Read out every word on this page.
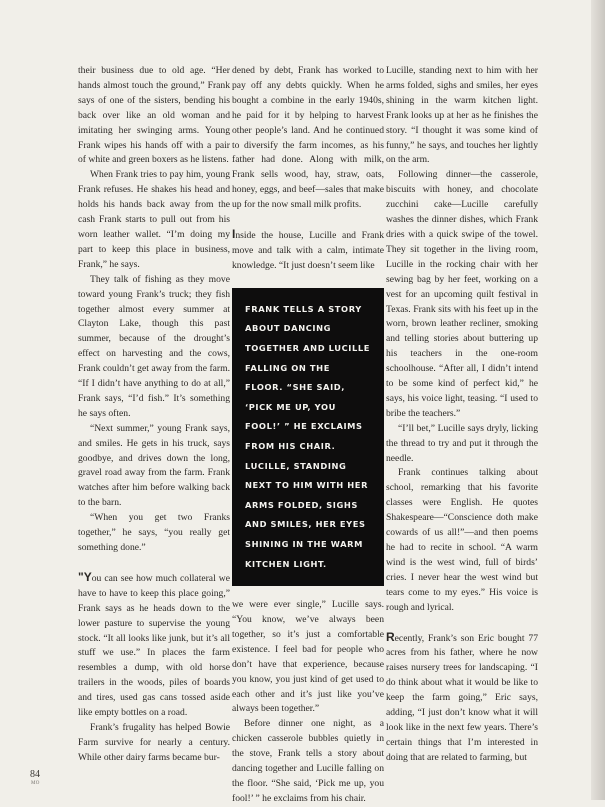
their business due to old age. “Her hands almost touch the ground,” Frank says of one of the sisters, bending his back over like an old woman and imitating her swinging arms. Young Frank wipes his hands off with a pair of white and green boxers as he listens.

When Frank tries to pay him, young Frank refuses. He shakes his head and holds his hands back away from the cash Frank starts to pull out from his worn leather wallet. “I’m doing my part to keep this place in business, Frank,” he says.

They talk of fishing as they move toward young Frank’s truck; they fish together almost every summer at Clayton Lake, though this past summer, because of the drought’s effect on harvesting and the cows, Frank couldn’t get away from the farm. “If I didn’t have anything to do at all,” Frank says, “I’d fish.” It’s something he says often.

“Next summer,” young Frank says, and smiles. He gets in his truck, says goodbye, and drives down the long, gravel road away from the farm. Frank watches after him before walking back to the barn.

“When you get two Franks together,” he says, “you really get something done.”

"You can see how much collateral we have to have to keep this place going,” Frank says as he heads down to the lower pasture to supervise the young stock. “It all looks like junk, but it’s all stuff we use.” In places the farm resembles a dump, with old horse trailers in the woods, piles of boards and tires, used gas cans tossed aside like empty bottles on a road.

Frank’s frugality has helped Bowie Farm survive for nearly a century. While other dairy farms became bur-

dened by debt, Frank has worked to pay off any debts quickly. When he bought a combine in the early 1940s, he paid for it by helping to harvest other people’s land. And he continued to diversify the farm incomes, as his father had done. Along with milk, Frank sells wood, hay, straw, oats, honey, eggs, and beef—sales that make up for the now small milk profits.

Inside the house, Lucille and Frank move and talk with a calm, intimate knowledge. “It just doesn’t seem like

FRANK TELLS A STORY ABOUT DANCING TOGETHER AND LUCILLE FALLING ON THE FLOOR. “SHE SAID, ‘PICK ME UP, YOU FOOL!’ ” HE EXCLAIMS FROM HIS CHAIR. LUCILLE, STANDING NEXT TO HIM WITH HER ARMS FOLDED, SIGHS AND SMILES, HER EYES SHINING IN THE WARM KITCHEN LIGHT.

we were ever single,” Lucille says. “You know, we’ve always been together, so it’s just a comfortable existence. I feel bad for people who don’t have that experience, because you know, you just kind of get used to each other and it’s just like you’ve always been together.”

Before dinner one night, as a chicken casserole bubbles quietly in the stove, Frank tells a story about dancing together and Lucille falling on the floor. “She said, ‘Pick me up, you fool!’ ” he exclaims from his chair.

Lucille, standing next to him with her arms folded, sighs and smiles, her eyes shining in the warm kitchen light. Frank looks up at her as he finishes the story. “I thought it was some kind of funny,” he says, and touches her lightly on the arm.

Following dinner—the casserole, biscuits with honey, and chocolate zucchini cake—Lucille carefully washes the dinner dishes, which Frank dries with a quick swipe of the towel. They sit together in the living room, Lucille in the rocking chair with her sewing bag by her feet, working on a vest for an upcoming quilt festival in Texas. Frank sits with his feet up in the worn, brown leather recliner, smoking and telling stories about buttering up his teachers in the one-room schoolhouse. “After all, I didn’t intend to be some kind of perfect kid,” he says, his voice light, teasing. “I used to bribe the teachers.”

“I’ll bet,” Lucille says dryly, licking the thread to try and put it through the needle.

Frank continues talking about school, remarking that his favorite classes were English. He quotes Shakespeare—“Conscience doth make cowards of us all!”—and then poems he had to recite in school. “A warm wind is the west wind, full of birds’ cries. I never hear the west wind but tears come to my eyes.” His voice is rough and lyrical.

Recently, Frank’s son Eric bought 77 acres from his father, where he now raises nursery trees for landscaping. “I do think about what it would be like to keep the farm going,” Eric says, adding, “I just don’t know what it will look like in the next few years. There’s certain things that I’m interested in doing that are related to farming, but

84
MO
